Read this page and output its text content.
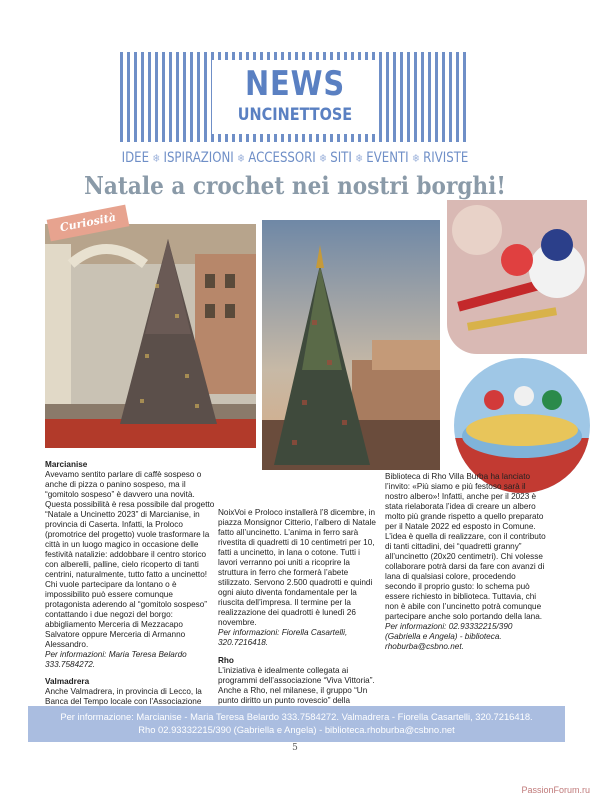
NEWS
UNCINETTOSE
IDEE ❄ ISPIRAZIONI ❄ ACCESSORI ❄ SITI ❄ EVENTI ❄ RIVISTE
Natale a crochet nei nostri borghi!
Curiosità

Marcianise

Avevamo sentito parlare di caffè sospeso o anche di pizza o panino sospeso, ma il “gomitolo sospeso” è davvero una novità. Questa possibilità è resa possibile dal progetto “Natale a Uncinetto 2023” di Marcianise, in provincia di Caserta. Infatti, la Proloco (promotrice del progetto) vuole trasformare la città in un luogo magico in occasione delle festività natalizie: addobbare il centro storico con alberelli, palline, cielo ricoperto di tanti centrini, naturalmente, tutto fatto a uncinetto! Chi vuole partecipare da lontano o è impossibilito può essere comunque protagonista aderendo al “gomitolo sospeso” contattando i due negozi del borgo: abbigliamento Merceria di Mezzacapo Salvatore oppure Merceria di Armanno Alessandro.

Per informazioni: Maria Teresa Belardo 333.7584272.

Valmadrera

Anche Valmadrera, in provincia di Lecco, la Banca del Tempo locale con l’Associazione

NoixVoi e Proloco installerà l’8 dicembre, in piazza Monsignor Citterio, l’albero di Natale fatto all’uncinetto. L’anima in ferro sarà rivestita di quadretti di 10 centimetri per 10, fatti a uncinetto, in lana o cotone. Tutti i lavori verranno poi uniti a ricoprire la struttura in ferro che formerà l’abete stilizzato. Servono 2.500 quadrotti e quindi ogni aiuto diventa fondamentale per la riuscita dell’impresa. Il termine per la realizzazione dei quadrotti è lunedì 26 novembre.

Per informazioni: Fiorella Casartelli, 320.7216418.

Rho

L’iniziativa è idealmente collegata ai programmi dell’associazione “Viva Vittoria”. Anche a Rho, nel milanese, il gruppo “Un punto diritto un punto rovescio” della

Biblioteca di Rho Villa Burba ha lanciato l’invito: «Più siamo e più festoso sarà il nostro albero»! Infatti, anche per il 2023 è stata rielaborata l’idea di creare un albero molto più grande rispetto a quello preparato per il Natale 2022 ed esposto in Comune. L’idea è quella di realizzare, con il contributo di tanti cittadini, dei “quadretti granny” all’uncinetto (20x20 centimetri). Chi volesse collaborare potrà darsi da fare con avanzi di lana di qualsiasi colore, procedendo secondo il proprio gusto: lo schema può essere richiesto in biblioteca. Tuttavia, chi non è abile con l’uncinetto potrà comunque partecipare anche solo portando della lana.

Per informazioni: 02.93332215/390 (Gabriella e Angela) - biblioteca. rhoburba@csbno.net.

Per informazione: Marcianise - Maria Teresa Belardo 333.7584272. Valmadrera - Fiorella Casartelli, 320.7216418.
Rho 02.93332215/390 (Gabriella e Angela) - biblioteca.rhoburba@csbno.net
5
PassionForum.ru
